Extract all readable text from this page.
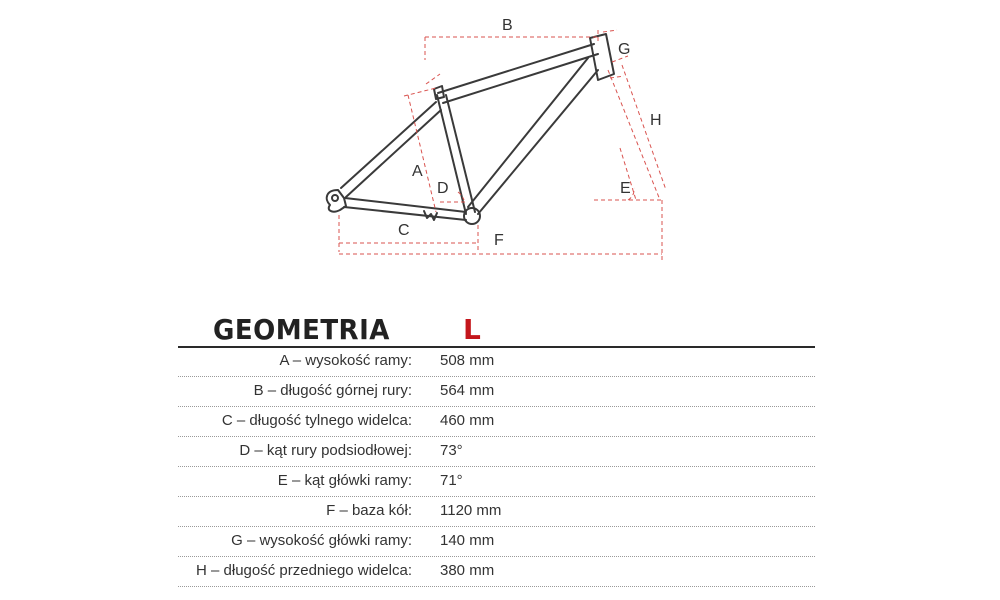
B
G
H
A
D	E
C
F
GEOMETRIA	L
A – wysokość ramy: 508 mm
B – długość górnej rury: 564 mm
C – długość tylnego widelca: 460 mm
D – kąt rury podsiodłowej: 73°
E – kąt główki ramy: 71°
F – baza kół: 1120 mm
G – wysokość główki ramy: 140 mm
H – długość przedniego widelca: 380 mm
